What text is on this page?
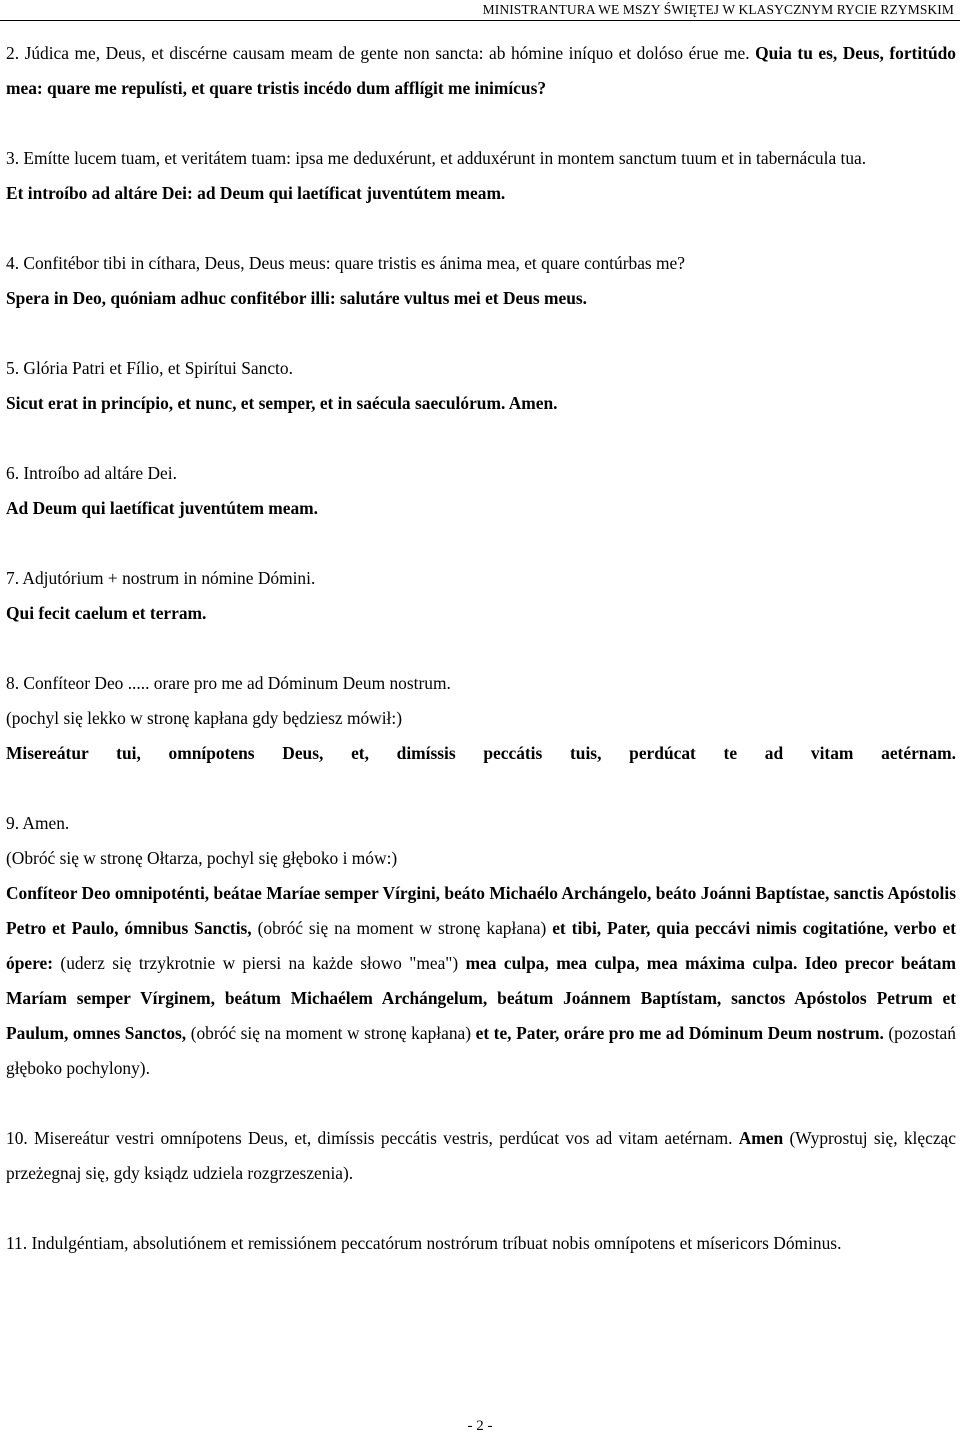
MINISTRANTURA WE MSZY ŚWIĘTEJ W KLASYCZNYM RYCIE RZYMSKIM

2. Júdica me, Deus, et discérne causam meam de gente non sancta: ab hómine iníquo et dolóso érue me. Quia tu es, Deus, fortitúdo mea: quare me repulísti, et quare tristis incédo dum afflígit me inimícus?

3. Emítte lucem tuam, et veritátem tuam: ipsa me deduxérunt, et adduxérunt in montem sanctum tuum et in tabernácula tua.

Et introíbo ad altáre Dei: ad Deum qui laetíficat juventútem meam.

4. Confitébor tibi in cíthara, Deus, Deus meus: quare tristis es ánima mea, et quare contúrbas me?

Spera in Deo, quóniam adhuc confitébor illi: salutáre vultus mei et Deus meus.

5. Glória Patri et Fílio, et Spirítui Sancto.

Sicut erat in princípio, et nunc, et semper, et in saécula saeculórum. Amen.

6. Introíbo ad altáre Dei.

Ad Deum qui laetíficat juventútem meam.

7. Adjutórium + nostrum in nómine Dómini.

Qui fecit caelum et terram.

8. Confíteor Deo ..... orare pro me ad Dóminum Deum nostrum.

(pochyl się lekko w stronę kapłana gdy będziesz mówił:)

Misereátur tui, omnípotens Deus, et, dimíssis peccátis tuis, perdúcat te ad vitam aetérnam.

9. Amen.

(Obróć się w stronę Ołtarza, pochyl się głęboko i mów:)

Confíteor Deo omnipoténti, beátae Maríae semper Vírgini, beáto Michaélo Archángelo, beáto Joánni Baptístae, sanctis Apóstolis Petro et Paulo, ómnibus Sanctis, (obróć się na moment w stronę kapłana) et tibi, Pater, quia peccávi nimis cogitatióne, verbo et ópere: (uderz się trzykrotnie w piersi na każde słowo "mea") mea culpa, mea culpa, mea máxima culpa. Ideo precor beátam Maríam semper Vírginem, beátum Michaélem Archángelum, beátum Joánnem Baptístam, sanctos Apóstolos Petrum et Paulum, omnes Sanctos, (obróć się na moment w stronę kapłana) et te, Pater, oráre pro me ad Dóminum Deum nostrum. (pozostań głęboko pochylony).

10. Misereátur vestri omnípotens Deus, et, dimíssis peccátis vestris, perdúcat vos ad vitam aetérnam. Amen (Wyprostuj się, klęcząc przeżegnaj się, gdy ksiądz udziela rozgrzeszenia).

11. Indulgéntiam, absolutiónem et remissiónem peccatórum nostrórum tríbuat nobis omnípotens et mísericors Dóminus.

- 2 -
